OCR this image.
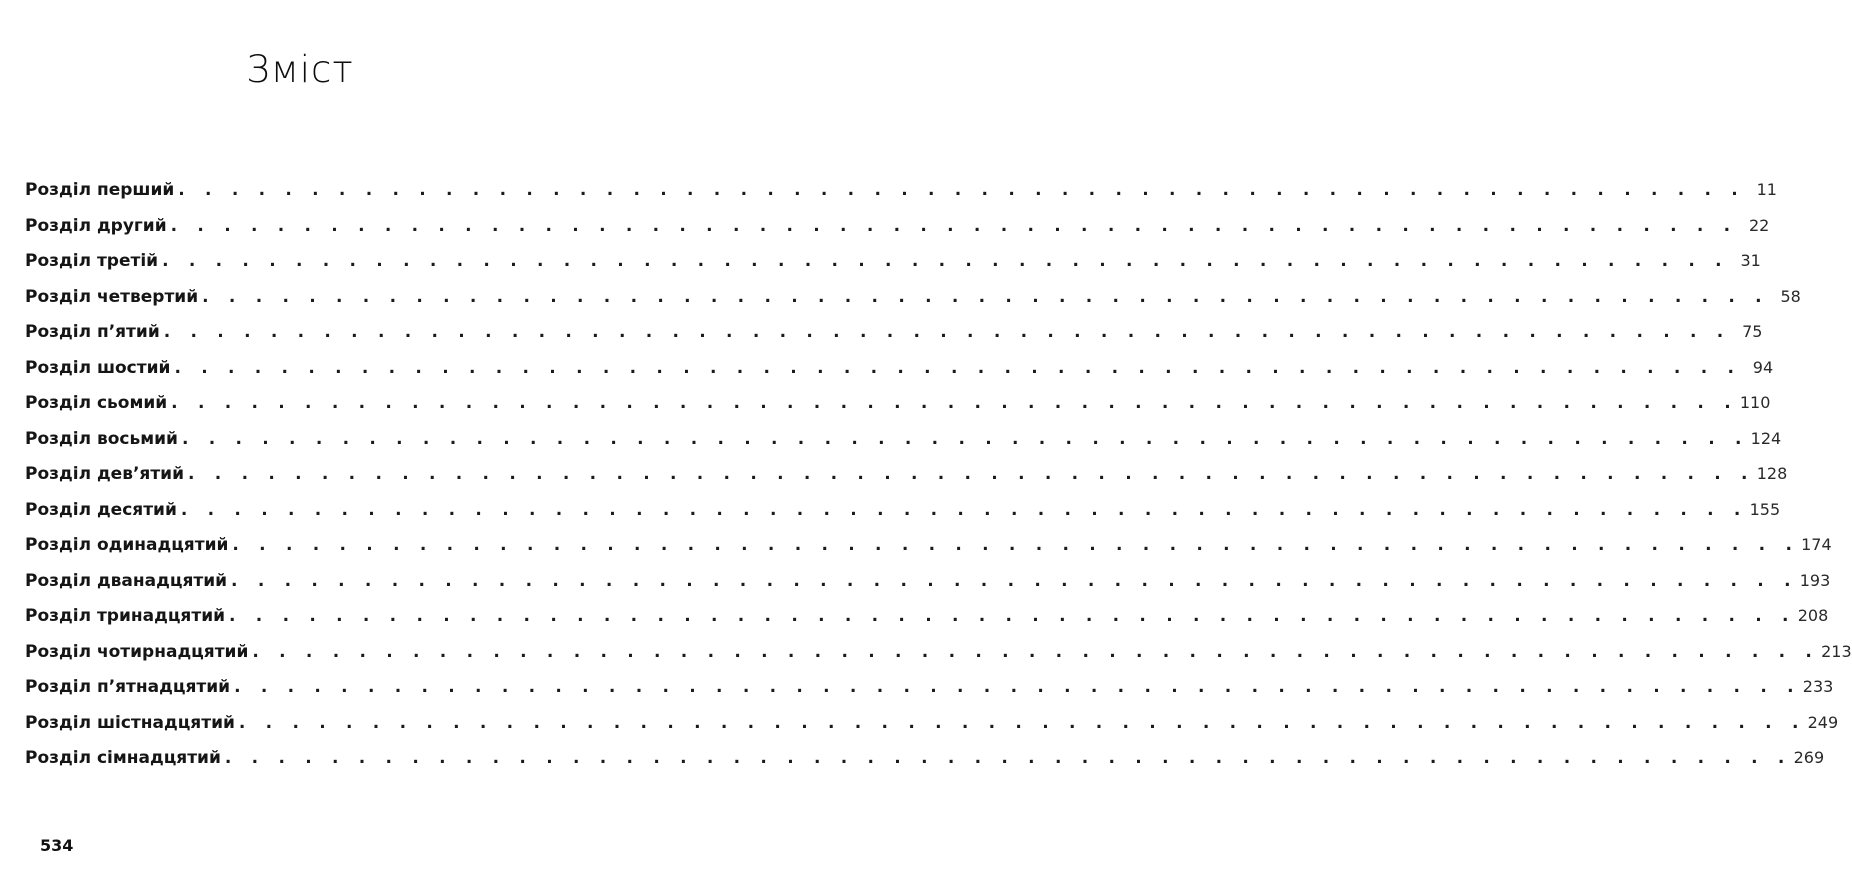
Зміст
Розділ перший . . . . . . . . . . . . . . . . . . . . . . . . . . . . . . . . . . . . . . . . . . . . . . . . . . . . . . . . . . . 11
Розділ другий . . . . . . . . . . . . . . . . . . . . . . . . . . . . . . . . . . . . . . . . . . . . . . . . . . . . . . . . . . . 22
Розділ третій . . . . . . . . . . . . . . . . . . . . . . . . . . . . . . . . . . . . . . . . . . . . . . . . . . . . . . . . . . . 31
Розділ четвертий . . . . . . . . . . . . . . . . . . . . . . . . . . . . . . . . . . . . . . . . . . . . . . . . . . . . . . . . . . . 58
Розділ п’ятий . . . . . . . . . . . . . . . . . . . . . . . . . . . . . . . . . . . . . . . . . . . . . . . . . . . . . . . . . . . 75
Розділ шостий . . . . . . . . . . . . . . . . . . . . . . . . . . . . . . . . . . . . . . . . . . . . . . . . . . . . . . . . . . . 94
Розділ сьомий . . . . . . . . . . . . . . . . . . . . . . . . . . . . . . . . . . . . . . . . . . . . . . . . . . . . . . . . . . . 110
Розділ восьмий . . . . . . . . . . . . . . . . . . . . . . . . . . . . . . . . . . . . . . . . . . . . . . . . . . . . . . . . . . . 124
Розділ дев’ятий . . . . . . . . . . . . . . . . . . . . . . . . . . . . . . . . . . . . . . . . . . . . . . . . . . . . . . . . . . . 128
Розділ десятий . . . . . . . . . . . . . . . . . . . . . . . . . . . . . . . . . . . . . . . . . . . . . . . . . . . . . . . . . . . 155
Розділ одинадцятий . . . . . . . . . . . . . . . . . . . . . . . . . . . . . . . . . . . . . . . . . . . . . . . . . . . . . . . . . . . 174
Розділ дванадцятий . . . . . . . . . . . . . . . . . . . . . . . . . . . . . . . . . . . . . . . . . . . . . . . . . . . . . . . . . . . 193
Розділ тринадцятий . . . . . . . . . . . . . . . . . . . . . . . . . . . . . . . . . . . . . . . . . . . . . . . . . . . . . . . . . . . 208
Розділ чотирнадцятий . . . . . . . . . . . . . . . . . . . . . . . . . . . . . . . . . . . . . . . . . . . . . . . . . . . . . . . . . . . 213
Розділ п’ятнадцятий . . . . . . . . . . . . . . . . . . . . . . . . . . . . . . . . . . . . . . . . . . . . . . . . . . . . . . . . . . . 233
Розділ шістнадцятий . . . . . . . . . . . . . . . . . . . . . . . . . . . . . . . . . . . . . . . . . . . . . . . . . . . . . . . . . . . 249
Розділ сімнадцятий . . . . . . . . . . . . . . . . . . . . . . . . . . . . . . . . . . . . . . . . . . . . . . . . . . . . . . . . . . . 269
534
